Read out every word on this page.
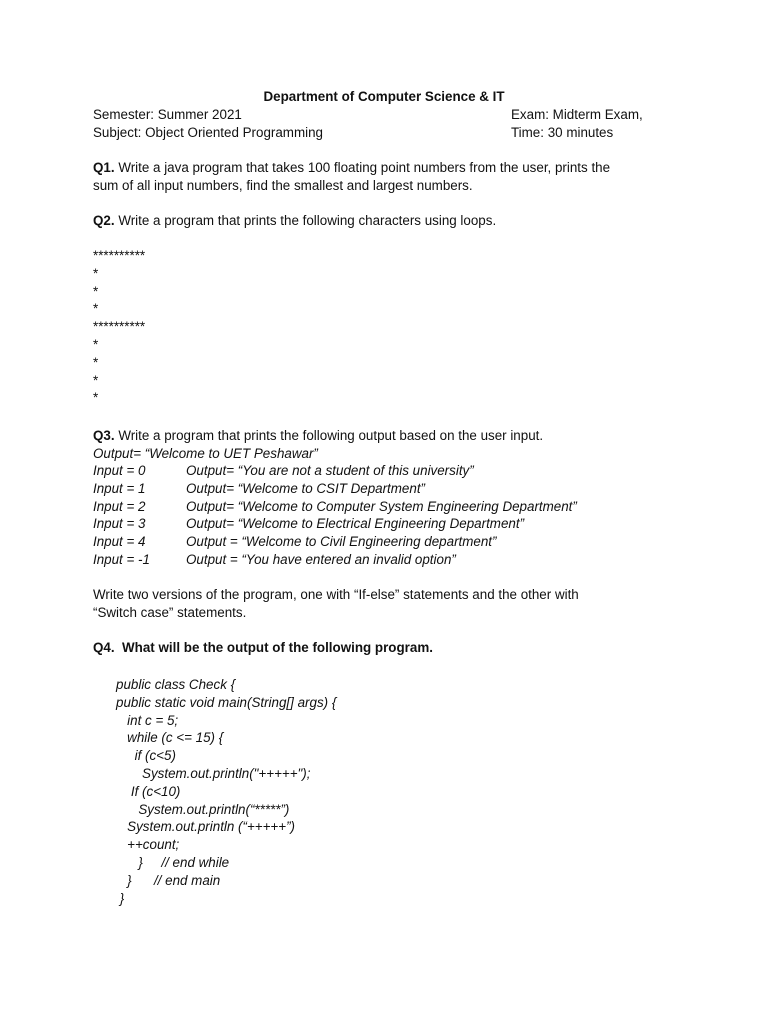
Department of Computer Science & IT
Semester: Summer 2021	Exam: Midterm Exam,
Subject: Object Oriented Programming	Time: 30 minutes
Q1. Write a java program that takes 100 floating point numbers from the user, prints the
sum of all input numbers, find the smallest and largest numbers.
Q2. Write a program that prints the following characters using loops.
**********
*
*
*
**********
*
*
*
*
Q3. Write a program that prints the following output based on the user input.
Output= “Welcome to UET Peshawar”
Input = 0	Output= “You are not a student of this university”
Input = 1	Output= “Welcome to CSIT Department”
Input = 2	Output= “Welcome to Computer System Engineering Department”
Input = 3	Output= “Welcome to Electrical Engineering Department”
Input = 4	Output = “Welcome to Civil Engineering department”
Input = -1	Output = “You have entered an invalid option”
Write two versions of the program, one with “If-else” statements and the other with
“Switch case” statements.
Q4.  What will be the output of the following program.
public class Check {
public static void main(String[] args) {
int c = 5;
while (c <= 15) {
if (c<5)
System.out.println("+++++");
If (c<10)
System.out.println(“*****”)
System.out.println (“+++++”)
++count;
}     // end while
}      // end main
}
